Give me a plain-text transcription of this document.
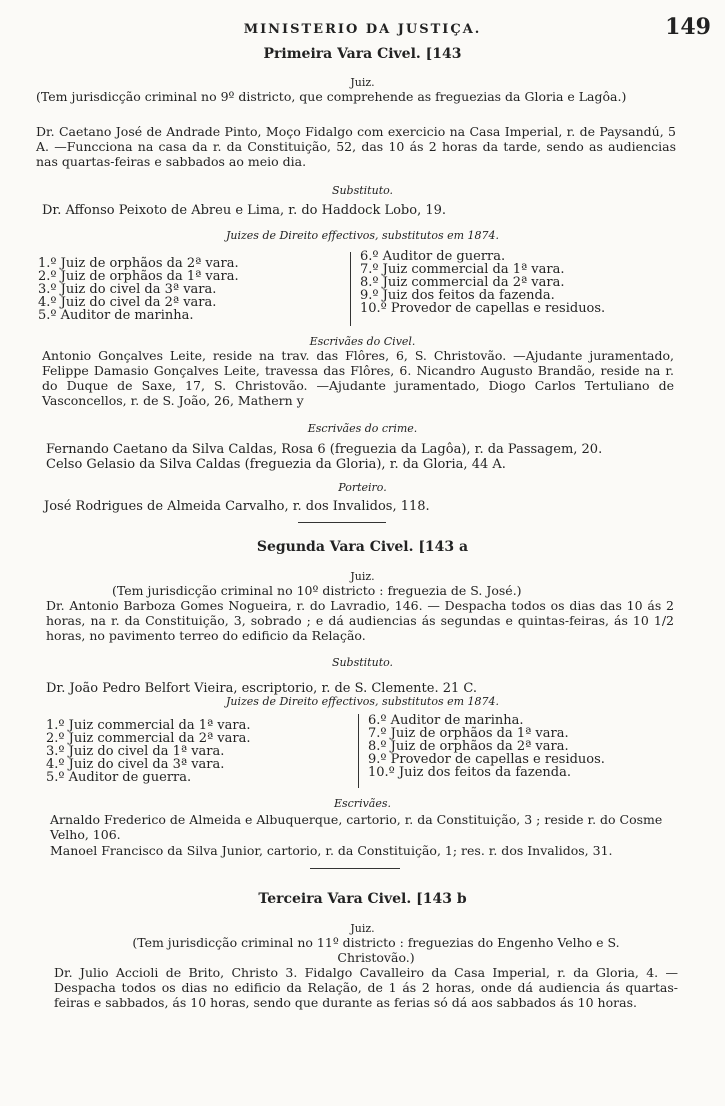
MINISTERIO DA JUSTIÇA.	149
Primeira Vara Civel. [143
Juiz.
(Tem jurisdicção criminal no 9º districto, que comprehende as freguezias da Gloria e Lagôa.)
Dr. Caetano José de Andrade Pinto, Moço Fidalgo com exercicio na Casa Imperial, r. de Paysandú, 5 A. —Funcciona na casa da r. da Constituição, 52, das 10 ás 2 horas da tarde, sendo as audiencias nas quartas-feiras e sabbados ao meio dia.
Substituto.
Dr. Affonso Peixoto de Abreu e Lima, r. do Haddock Lobo, 19.
Juizes de Direito effectivos, substitutos em 1874.
1.º Juiz de orphãos da 2ª vara.
2.º Juiz de orphãos da 1ª vara.
3.º Juiz do civel da 3ª vara.
4.º Juiz do civel da 2ª vara.
5.º Auditor de marinha.
6.º Auditor de guerra.
7.º Juiz commercial da 1ª vara.
8.º Juiz commercial da 2ª vara.
9.º Juiz dos feitos da fazenda.
10.º Provedor de capellas e residuos.
Escrivães do Civel.
Antonio Gonçalves Leite, reside na trav. das Flôres, 6, S. Christovão. —Ajudante juramentado, Felippe Damasio Gonçalves Leite, travessa das Flôres, 6. Nicandro Augusto Brandão, reside na r. do Duque de Saxe, 17, S. Christovão. —Ajudante juramentado, Diogo Carlos Tertuliano de Vasconcellos, r. de S. João, 26, Mathern y
Escrivães do crime.
Fernando Caetano da Silva Caldas, Rosa 6 (freguezia da Lagôa), r. da Passagem, 20.
Celso Gelasio da Silva Caldas (freguezia da Gloria), r. da Gloria, 44 A.
Porteiro.
José Rodrigues de Almeida Carvalho, r. dos Invalidos, 118.
Segunda Vara Civel. [143 a
Juiz.
(Tem jurisdicção criminal no 10º districto : freguezia de S. José.)
Dr. Antonio Barboza Gomes Nogueira, r. do Lavradio, 146. — Despacha todos os dias das 10 ás 2 horas, na r. da Constituição, 3, sobrado ; e dá audiencias ás segundas e quintas-feiras, ás 10 1/2 horas, no pavimento terreo do edificio da Relação.
Substituto.
Dr. João Pedro Belfort Vieira, escriptorio, r. de S. Clemente. 21 C.
Juizes de Direito effectivos, substitutos em 1874.
1.º Juiz commercial da 1ª vara.
2.º Juiz commercial da 2ª vara.
3.º Juiz do civel da 1ª vara.
4.º Juiz do civel da 3ª vara.
5.º Auditor de guerra.
6.º Auditor de marinha.
7.º Juiz de orphãos da 1ª vara.
8.º Juiz de orphãos da 2ª vara.
9.º Provedor de capellas e residuos.
10.º Juiz dos feitos da fazenda.
Escrivães.
Arnaldo Frederico de Almeida e Albuquerque, cartorio, r. da Constituição, 3 ; reside r. do Cosme Velho, 106.
Manoel Francisco da Silva Junior, cartorio, r. da Constituição, 1; res. r. dos Invalidos, 31.
Terceira Vara Civel. [143 b
Juiz.
(Tem jurisdicção criminal no 11º districto : freguezias do Engenho Velho e S. Christovão.)
Dr. Julio Accioli de Brito, Christo 3. Fidalgo Cavalleiro da Casa Imperial, r. da Gloria, 4. —Despacha todos os dias no edificio da Relação, de 1 ás 2 horas, onde dá audiencia ás quartas-feiras e sabbados, ás 10 horas, sendo que durante as ferias só dá aos sabbados ás 10 horas.
